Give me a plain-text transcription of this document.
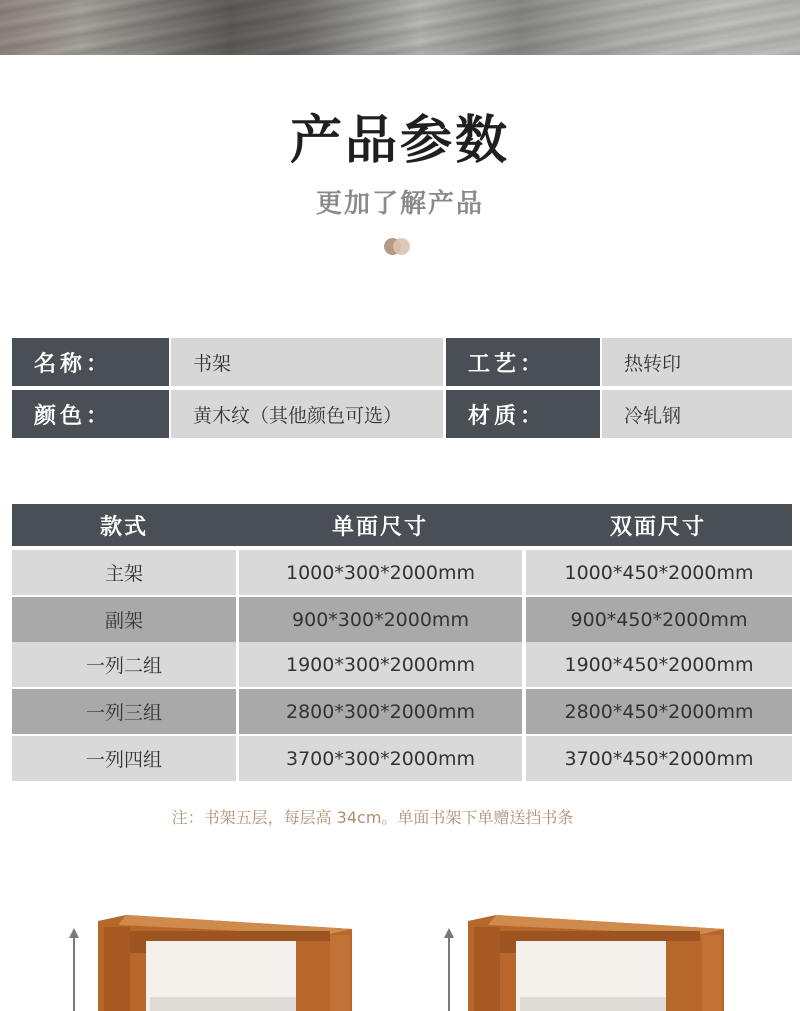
产品参数
更加了解产品
名称：	书架	工艺：	热转印
颜色：	黄木纹（其他颜色可选）	材质：	冷轧钢
款式	单面尺寸	双面尺寸
主架	1000*300*2000mm	1000*450*2000mm
副架	900*300*2000mm	900*450*2000mm
一列二组	1900*300*2000mm	1900*450*2000mm
一列三组	2800*300*2000mm	2800*450*2000mm
一列四组	3700*300*2000mm	3700*450*2000mm
注：书架五层，每层高 34cm。单面书架下单赠送挡书条
